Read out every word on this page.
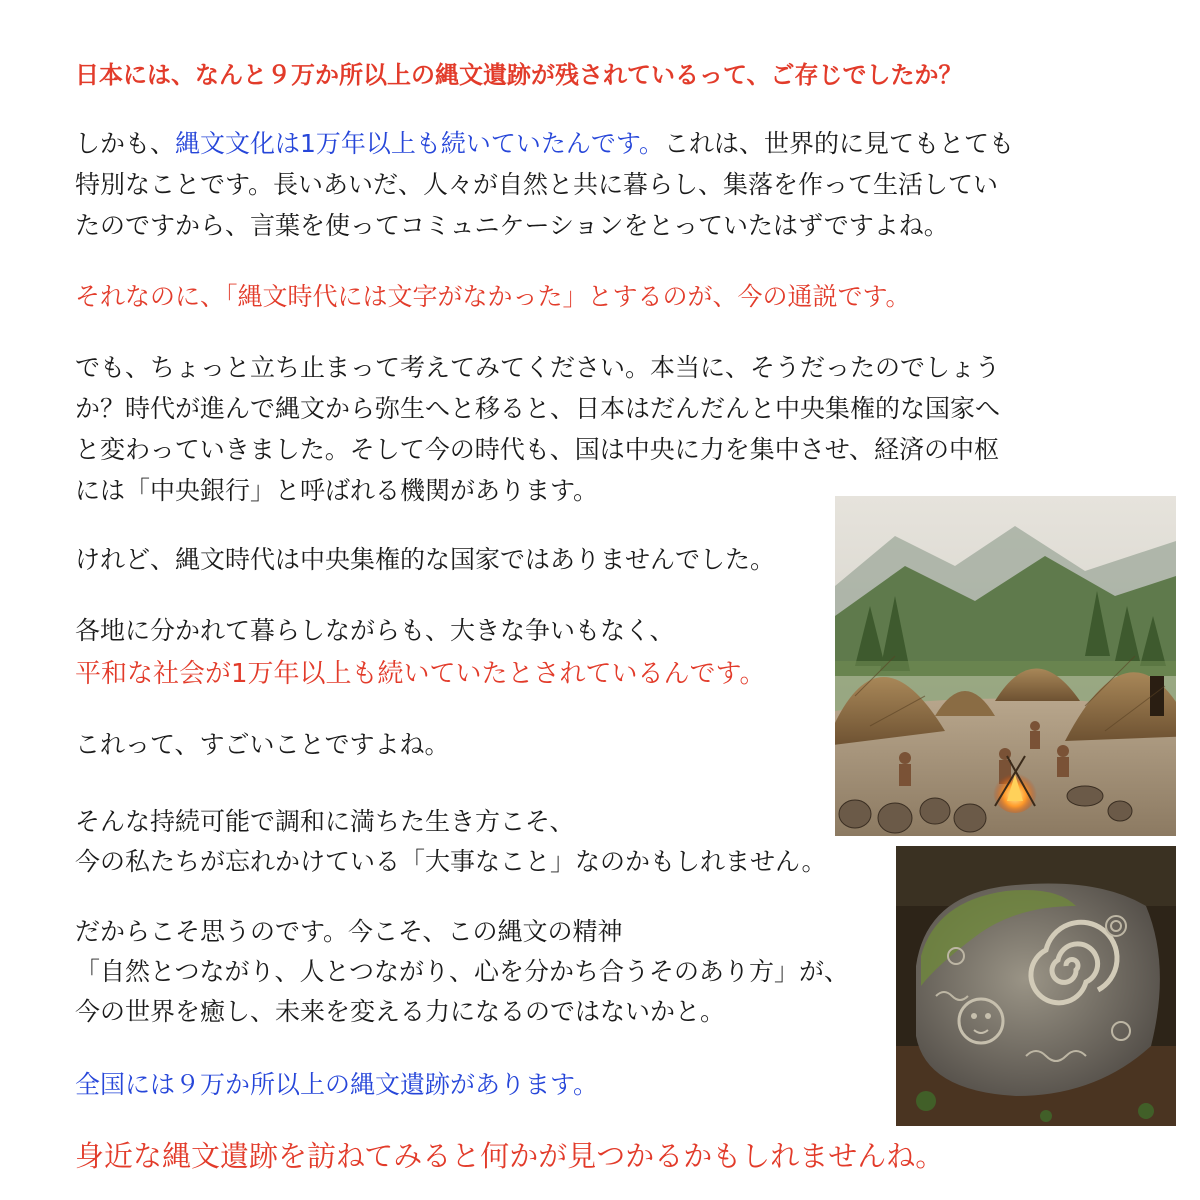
日本には、なんと９万か所以上の縄文遺跡が残されているって、ご存じでしたか？
しかも、縄文文化は1万年以上も続いていたんです。これは、世界的に見てもとても
特別なことです。長いあいだ、人々が自然と共に暮らし、集落を作って生活してい
たのですから、言葉を使ってコミュニケーションをとっていたはずですよね。
それなのに、「縄文時代には文字がなかった」とするのが、今の通説です。
でも、ちょっと立ち止まって考えてみてください。本当に、そうだったのでしょう
か？時代が進んで縄文から弥生へと移ると、日本はだんだんと中央集権的な国家へ
と変わっていきました。そして今の時代も、国は中央に力を集中させ、経済の中枢
には「中央銀行」と呼ばれる機関があります。
けれど、縄文時代は中央集権的な国家ではありませんでした。
各地に分かれて暮らしながらも、大きな争いもなく、
平和な社会が1万年以上も続いていたとされているんです。
これって、すごいことですよね。
そんな持続可能で調和に満ちた生き方こそ、
今の私たちが忘れかけている「大事なこと」なのかもしれません。
だからこそ思うのです。今こそ、この縄文の精神
「自然とつながり、人とつながり、心を分かち合うそのあり方」が、
今の世界を癒し、未来を変える力になるのではないかと。
全国には９万か所以上の縄文遺跡があります。
身近な縄文遺跡を訪ねてみると何かが見つかるかもしれませんね。
